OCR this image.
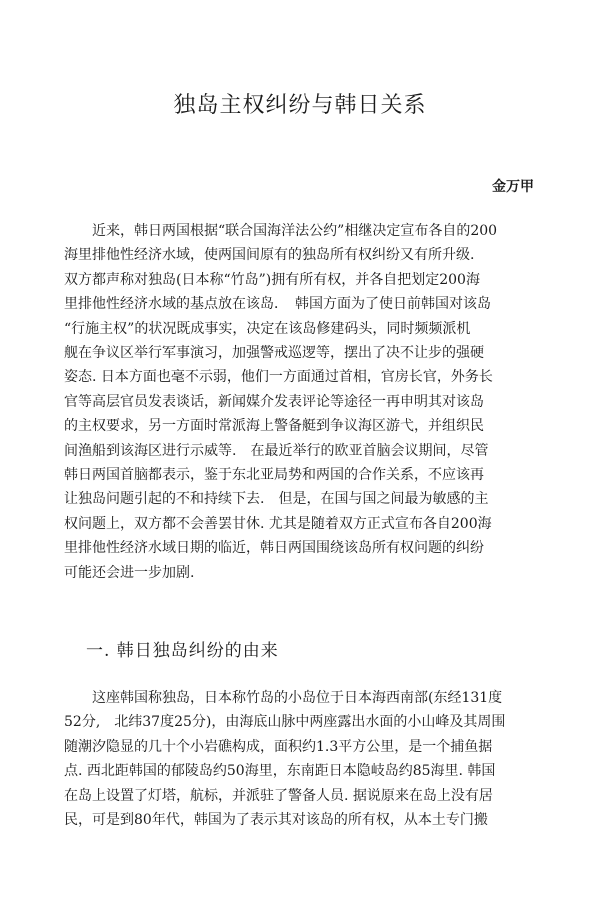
独岛主权纠纷与韩日关系
金万甲
近来，韩日两国根据“联合国海洋法公约”相继决定宣布各自的200
海里排他性经济水域，使两国间原有的独岛所有权纠纷又有所升级.
双方都声称对独岛(日本称“竹岛”)拥有所有权，并各自把划定200海
里排他性经济水域的基点放在该岛．　韩国方面为了使日前韩国对该岛
“行施主权”的状况既成事实，决定在该岛修建码头，同时频频派机
舰在争议区举行军事演习，加强警戒巡逻等，摆出了决不让步的强硬
姿态. 日本方面也毫不示弱，他们一方面通过首相，官房长官，外务长
官等高层官员发表谈话，新闻媒介发表评论等途径一再申明其对该岛
的主权要求，另一方面时常派海上警备艇到争议海区游弋，并组织民
间渔船到该海区进行示威等.　在最近举行的欧亚首脑会议期间，尽管
韩日两国首脑都表示，鉴于东北亚局势和两国的合作关系，不应该再
让独岛问题引起的不和持续下去.　但是，在国与国之间最为敏感的主
权问题上，双方都不会善罢甘休. 尤其是随着双方正式宣布各自200海
里排他性经济水域日期的临近，韩日两国围绕该岛所有权问题的纠纷
可能还会进一步加剧.
一. 韩日独岛纠纷的由来
这座韩国称独岛，日本称竹岛的小岛位于日本海西南部(东经131度
52分,　北纬37度25分)，由海底山脉中两座露出水面的小山峰及其周围
随潮汐隐显的几十个小岩礁构成，面积约1.3平方公里，是一个捕鱼据
点. 西北距韩国的郁陵岛约50海里，东南距日本隐岐岛约85海里. 韩国
在岛上设置了灯塔，航标，并派驻了警备人员. 据说原来在岛上没有居
民，可是到80年代，韩国为了表示其对该岛的所有权，从本土专门搬
